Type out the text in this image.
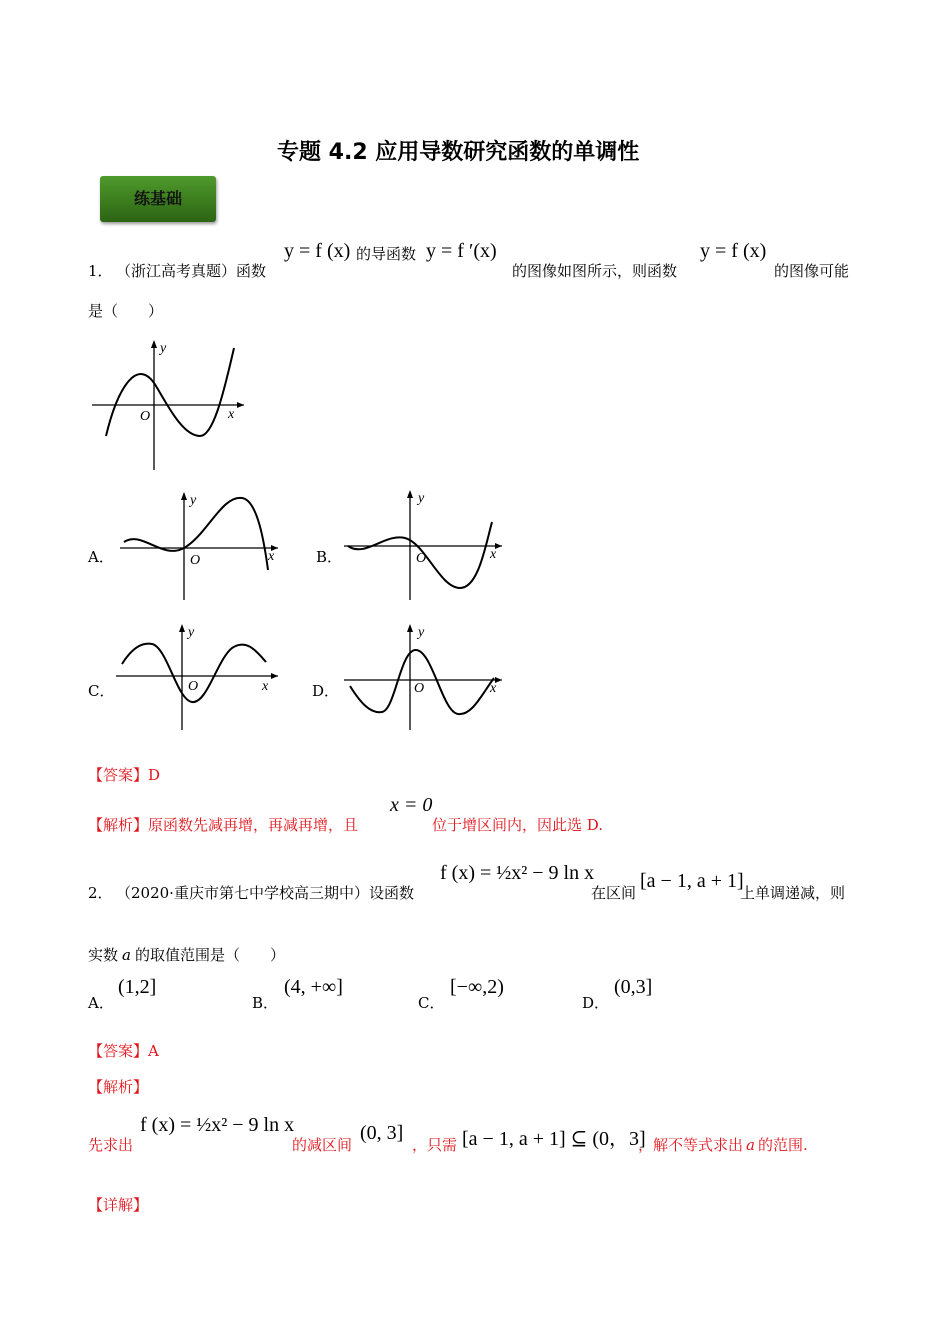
专题 4.2 应用导数研究函数的单调性
练基础
1． （浙江高考真题）函数
y = f (x) 的导函数 y = f ′(x)
的图像如图所示，则函数
y = f (x)
的图像可能
是（　　）
y
x
O
A．
y
x
O	B．
y
x
O
C．
y
x
O	D．
y
x
O
【答案】D
【解析】原函数先减再增，再减再增，且
x = 0
位于增区间内，因此选 D.
2． （2020·重庆市第七中学校高三期中）设函数
f (x) = ½x² − 9 ln x
在区间
[a − 1, a + 1]
上单调递减，则
实数 a 的取值范围是（　　）
A．
(1,2]
B．
(4, +∞]
C．
[−∞,2)
D．
(0,3]
【答案】A
【解析】
先求出
f (x) = ½x² − 9 ln x
的减区间
(0, 3]
，只需 [a − 1, a + 1] ⊆ (0，3]
，解不等式求出 a 的范围.
【详解】
